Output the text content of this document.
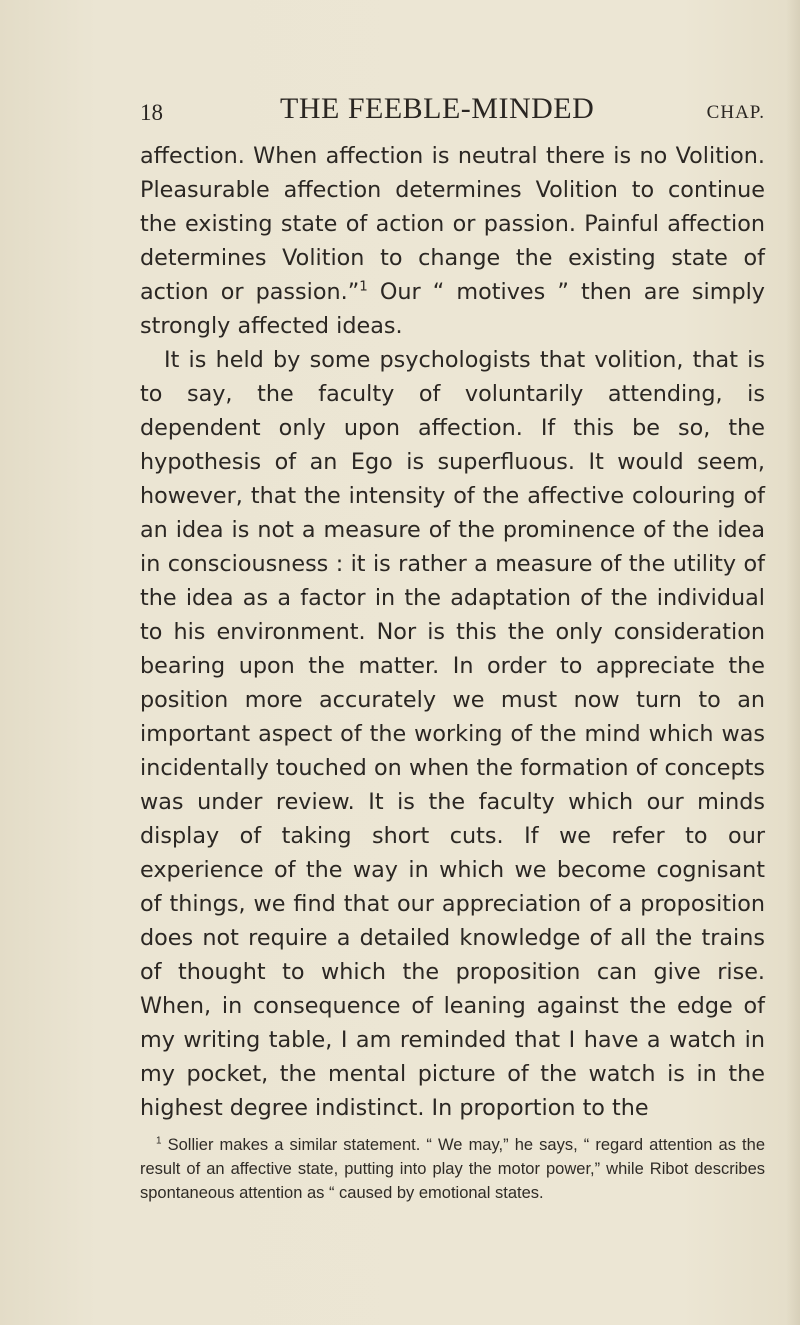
18	THE FEEBLE-MINDED	CHAP.

affection. When affection is neutral there is no Volition. Pleasurable affection determines Volition to continue the existing state of action or passion. Painful affection determines Volition to change the existing state of action or passion.”$^1$ Our “ motives ” then are simply strongly affected ideas.

It is held by some psychologists that volition, that is to say, the faculty of voluntarily attending, is dependent only upon affection. If this be so, the hypothesis of an Ego is superfluous. It would seem, however, that the intensity of the affective colouring of an idea is not a measure of the prominence of the idea in consciousness : it is rather a measure of the utility of the idea as a factor in the adaptation of the individual to his environment. Nor is this the only consideration bearing upon the matter. In order to appreciate the position more accurately we must now turn to an important aspect of the working of the mind which was incidentally touched on when the formation of concepts was under review. It is the faculty which our minds display of taking short cuts. If we refer to our experience of the way in which we become cognisant of things, we find that our appreciation of a proposition does not require a detailed knowledge of all the trains of thought to which the proposition can give rise. When, in consequence of leaning against the edge of my writing table, I am reminded that I have a watch in my pocket, the mental picture of the watch is in the highest degree indistinct. In proportion to the

$^1$ Sollier makes a similar statement. “ We may,” he says, “ regard attention as the result of an affective state, putting into play the motor power,” while Ribot describes spontaneous attention as “ caused by emotional states.
